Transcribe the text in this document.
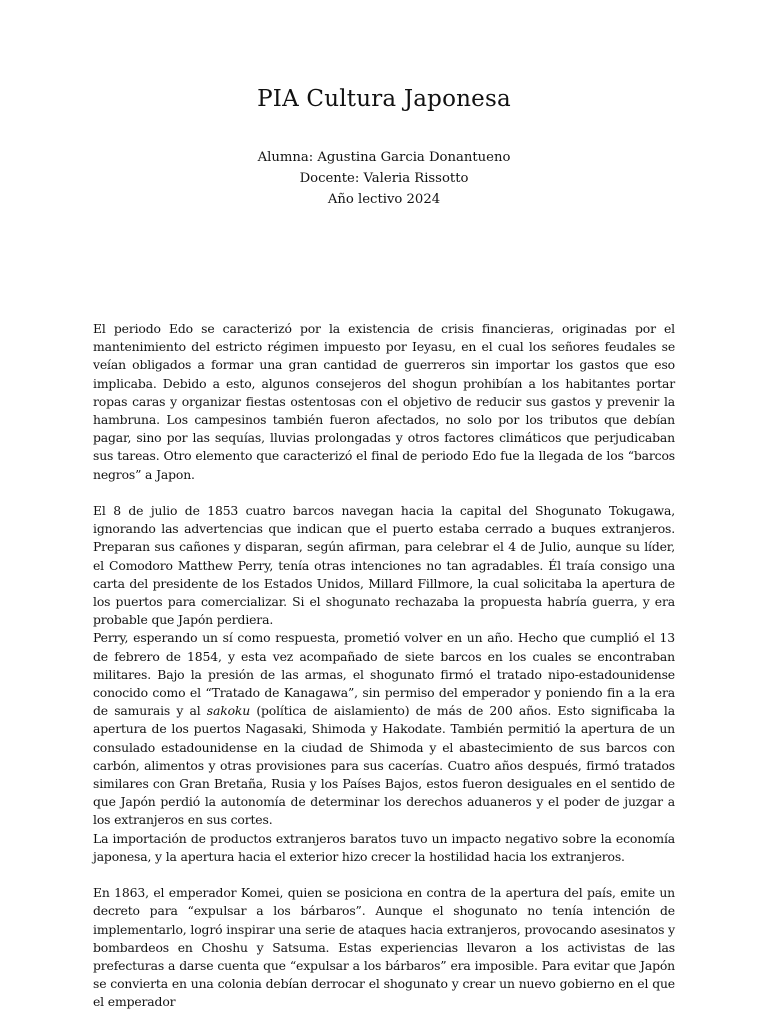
PIA Cultura Japonesa
Alumna: Agustina Garcia Donantueno
Docente: Valeria Rissotto
Año lectivo 2024

El periodo Edo se caracterizó por la existencia de crisis financieras, originadas por el mantenimiento del estricto régimen impuesto por Ieyasu, en el cual los señores feudales se veían obligados a formar una gran cantidad de guerreros sin importar los gastos que eso implicaba. Debido a esto, algunos consejeros del shogun prohibían a los habitantes portar ropas caras y organizar fiestas ostentosas con el objetivo de reducir sus gastos y prevenir la hambruna. Los campesinos también fueron afectados, no solo por los tributos que debían pagar, sino por las sequías, lluvias prolongadas y otros factores climáticos que perjudicaban sus tareas. Otro elemento que caracterizó el final de periodo Edo fue la llegada de los “barcos negros” a Japon.

El 8 de julio de 1853 cuatro barcos navegan hacia la capital del Shogunato Tokugawa, ignorando las advertencias que indican que el puerto estaba cerrado a buques extranjeros. Preparan sus cañones y disparan, según afirman, para celebrar el 4 de Julio, aunque su líder, el Comodoro Matthew Perry, tenía otras intenciones no tan agradables. Él traía consigo una carta del presidente de los Estados Unidos, Millard Fillmore, la cual solicitaba la apertura de los puertos para comercializar. Si el shogunato rechazaba la propuesta habría guerra, y era probable que Japón perdiera.

Perry, esperando un sí como respuesta, prometió volver en un año. Hecho que cumplió el 13 de febrero de 1854, y esta vez acompañado de siete barcos en los cuales se encontraban militares. Bajo la presión de las armas, el shogunato firmó el tratado nipo-estadounidense conocido como el “Tratado de Kanagawa”, sin permiso del emperador y poniendo fin a la era de samurais y al sakoku (política de aislamiento) de más de 200 años. Esto significaba la apertura de los puertos Nagasaki, Shimoda y Hakodate. También permitió la apertura de un consulado estadounidense en la ciudad de Shimoda y el abastecimiento de sus barcos con carbón, alimentos y otras provisiones para sus cacerías. Cuatro años después, firmó tratados similares con Gran Bretaña, Rusia y los Países Bajos, estos fueron desiguales en el sentido de que Japón perdió la autonomía de determinar los derechos aduaneros y el poder de juzgar a los extranjeros en sus cortes.

La importación de productos extranjeros baratos tuvo un impacto negativo sobre la economía japonesa, y la apertura hacia el exterior hizo crecer la hostilidad hacia los extranjeros.

En 1863, el emperador Komei, quien se posiciona en contra de la apertura del país, emite un decreto para “expulsar a los bárbaros”. Aunque el shogunato no tenía intención de implementarlo, logró inspirar una serie de ataques hacia extranjeros, provocando asesinatos y bombardeos en Choshu y Satsuma. Estas experiencias llevaron a los activistas de las prefecturas a darse cuenta que “expulsar a los bárbaros” era imposible. Para evitar que Japón se convierta en una colonia debían derrocar el shogunato y crear un nuevo gobierno en el que el emperador
